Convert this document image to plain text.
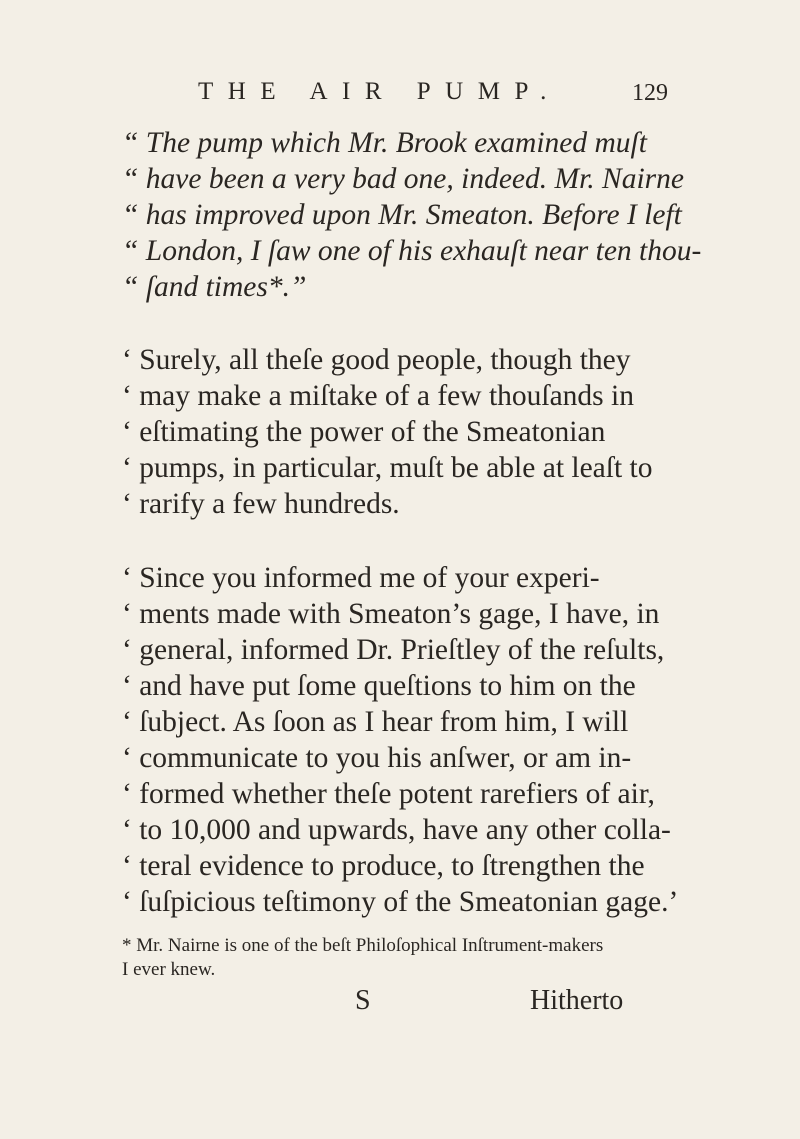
THE AIR PUMP.	129
“ The pump which Mr. Brook examined muſt
“ have been a very bad one, indeed. Mr. Nairne
“ has improved upon Mr. Smeaton. Before I left
“ London, I ſaw one of his exhauſt near ten thou-
“ ſand times*.”
‘ Surely, all theſe good people, though they
‘ may make a miſtake of a few thouſands in
‘ eſtimating the power of the Smeatonian
‘ pumps, in particular, muſt be able at leaſt to
‘ rarify a few hundreds.
‘ Since you informed me of your experi-
‘ ments made with Smeaton’s gage, I have, in
‘ general, informed Dr. Prieſtley of the reſults,
‘ and have put ſome queſtions to him on the
‘ ſubject. As ſoon as I hear from him, I will
‘ communicate to you his anſwer, or am in-
‘ formed whether theſe potent rarefiers of air,
‘ to 10,000 and upwards, have any other colla-
‘ teral evidence to produce, to ſtrengthen the
‘ ſuſpicious teſtimony of the Smeatonian gage.’
* Mr. Nairne is one of the beſt Philoſophical Inſtrument-makers
I ever knew.
S	Hitherto
